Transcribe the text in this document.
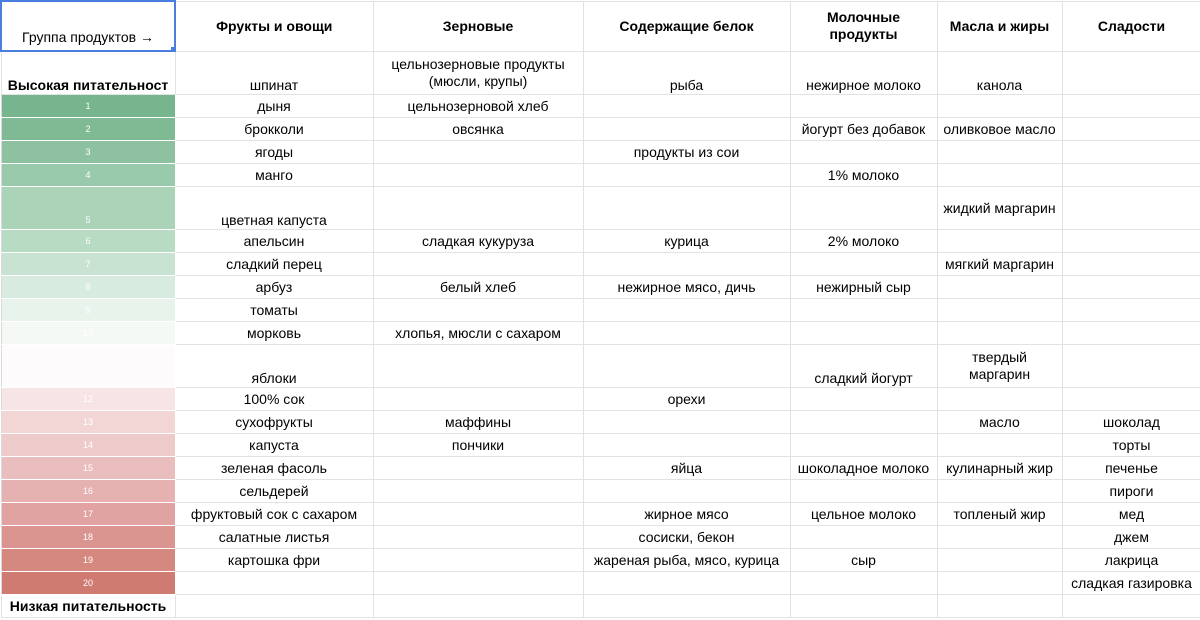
Группа продуктов →	Фрукты и овощи	Зерновые	Содержащие белок	Молочные продукты	Масла и жиры	Сладости
Высокая питательност	шпинат	цельнозерновые продукты (мюсли, крупы)	рыба	нежирное молоко	канола	
1	дыня	цельнозерновой хлеб				
2	брокколи	овсянка		йогурт без добавок	оливковое масло	
3	ягоды		продукты из сои			
4	манго			1% молоко		
5	цветная капуста				жидкий маргарин	
6	апельсин	сладкая кукуруза	курица	2% молоко		
7	сладкий перец				мягкий маргарин	
8	арбуз	белый хлеб	нежирное мясо, дичь	нежирный сыр		
9	томаты					
10	морковь	хлопья, мюсли с сахаром				
11	яблоки			сладкий йогурт	твердый маргарин	
12	100% сок		орехи			
13	сухофрукты	маффины			масло	шоколад
14	капуста	пончики				торты
15	зеленая фасоль		яйца	шоколадное молоко	кулинарный жир	печенье
16	сельдерей					пироги
17	фруктовый сок с сахаром		жирное мясо	цельное молоко	топленый жир	мед
18	салатные листья		сосиски, бекон			джем
19	картошка фри		жареная рыба, мясо, курица	сыр		лакрица
20						сладкая газировка
Низкая питательность						
